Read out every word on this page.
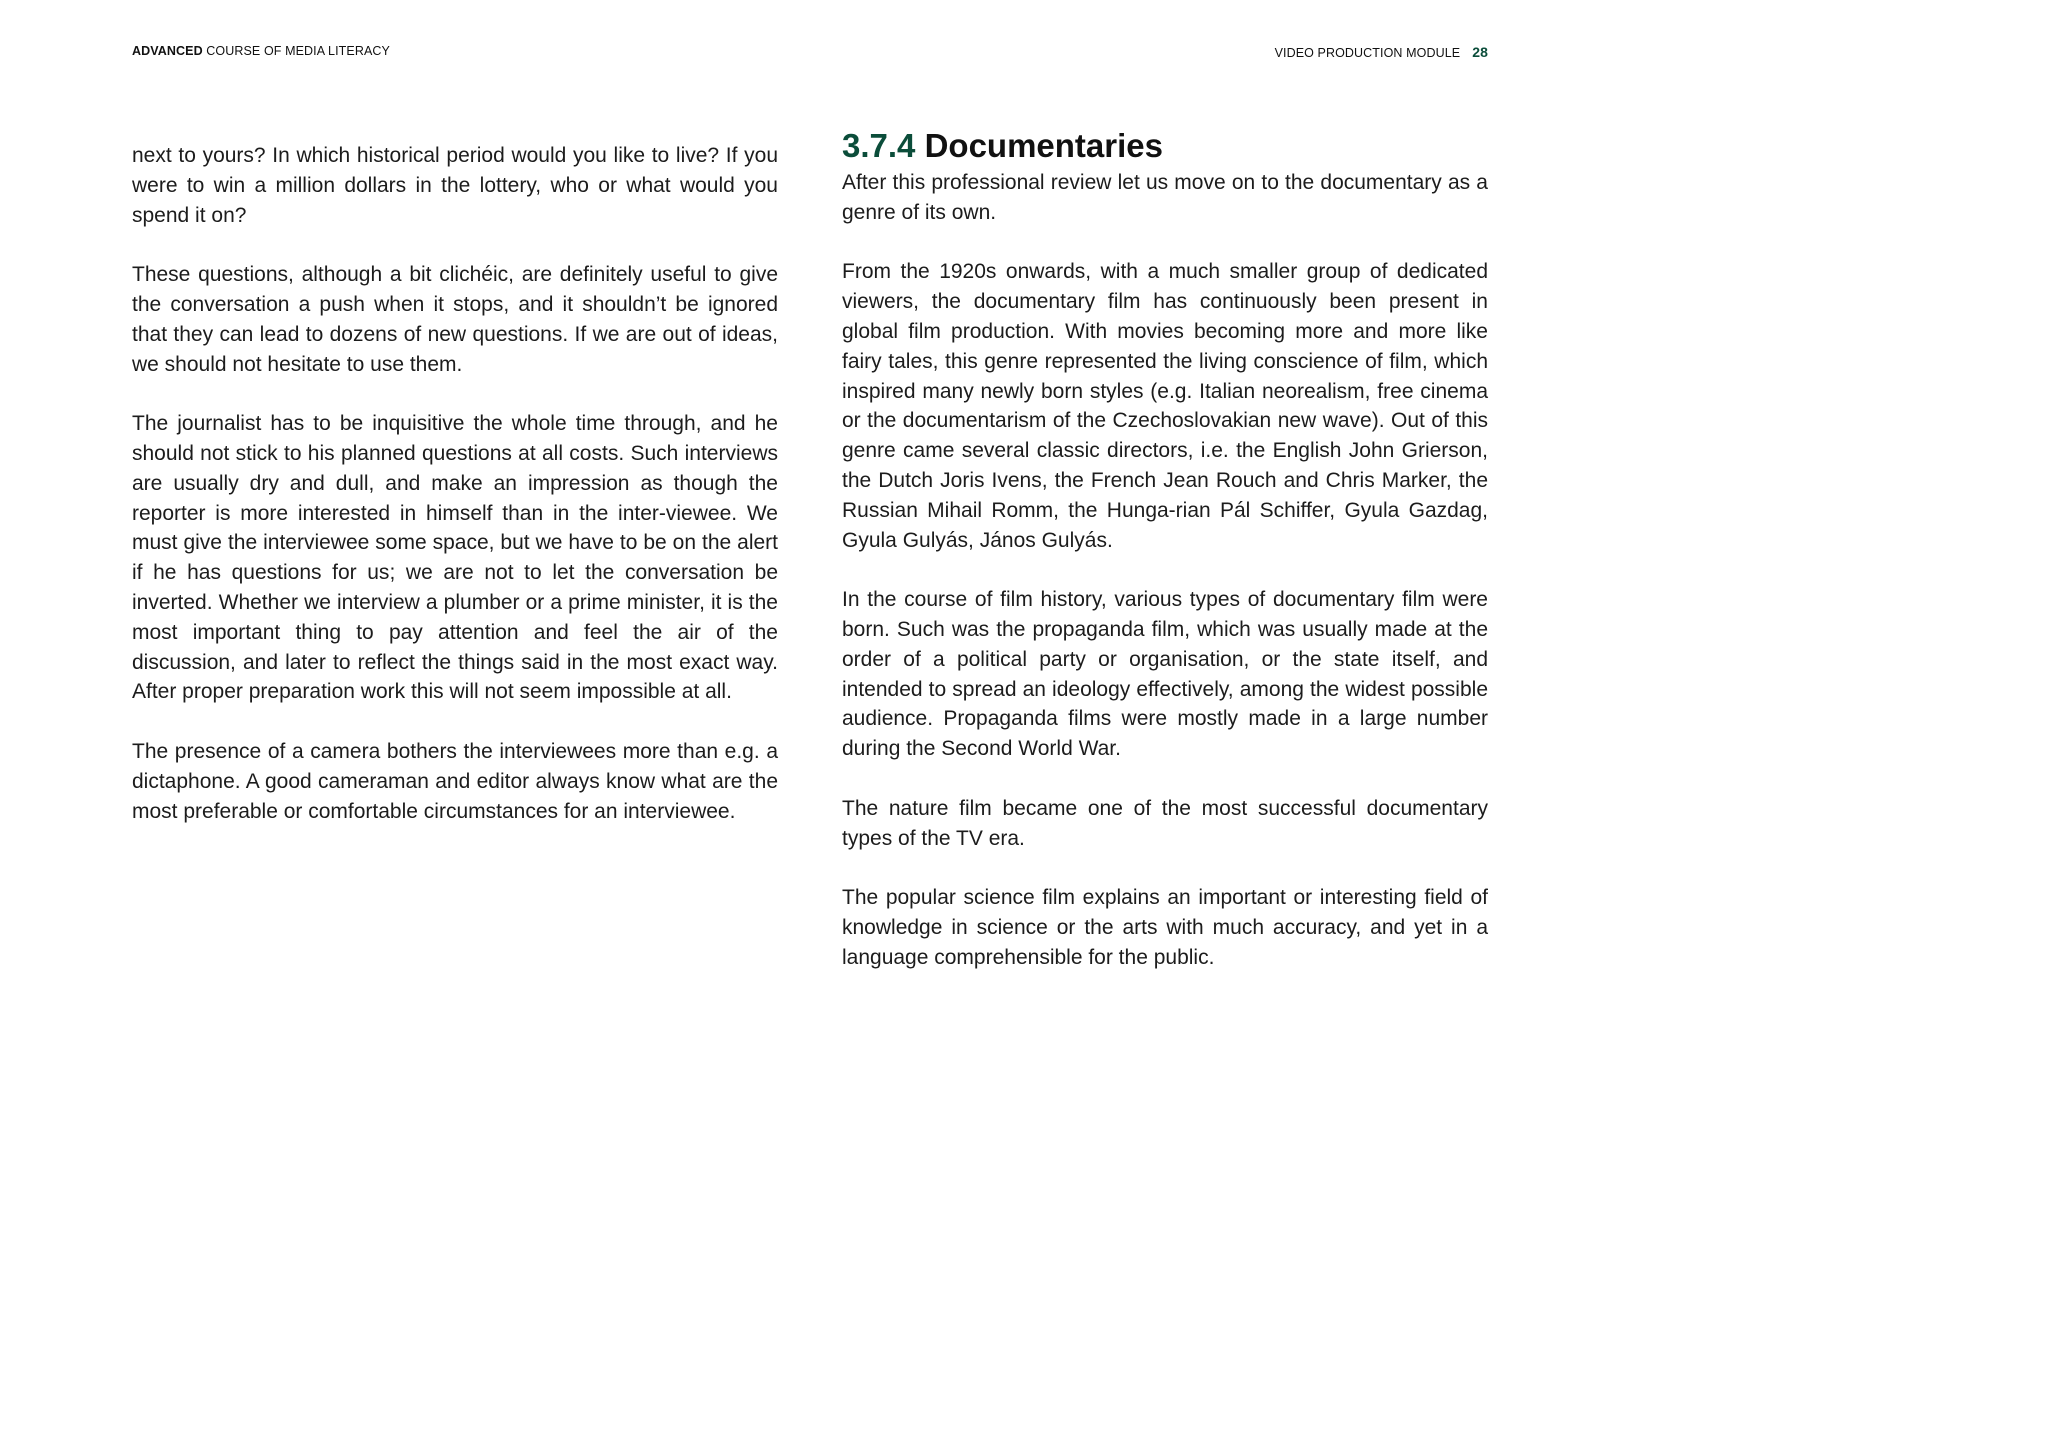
ADVANCED COURSE OF MEDIA LITERACY	VIDEO PRODUCTION MODULE 28

next to yours? In which historical period would you like to live? If you were to win a million dollars in the lottery, who or what would you spend it on?

These questions, although a bit clichéic, are definitely useful to give the conversation a push when it stops, and it shouldn’t be ignored that they can lead to dozens of new questions. If we are out of ideas, we should not hesitate to use them.

The journalist has to be inquisitive the whole time through, and he should not stick to his planned questions at all costs. Such interviews are usually dry and dull, and make an impression as though the reporter is more interested in himself than in the inter-viewee. We must give the interviewee some space, but we have to be on the alert if he has questions for us; we are not to let the conversation be inverted. Whether we interview a plumber or a prime minister, it is the most important thing to pay attention and feel the air of the discussion, and later to reflect the things said in the most exact way. After proper preparation work this will not seem impossible at all.

The presence of a camera bothers the interviewees more than e.g. a dictaphone. A good cameraman and editor always know what are the most preferable or comfortable circumstances for an interviewee.

3.7.4 Documentaries

After this professional review let us move on to the documentary as a genre of its own.

From the 1920s onwards, with a much smaller group of dedicated viewers, the documentary film has continuously been present in global film production. With movies becoming more and more like fairy tales, this genre represented the living conscience of film, which inspired many newly born styles (e.g. Italian neorealism, free cinema or the documentarism of the Czechoslovakian new wave). Out of this genre came several classic directors, i.e. the English John Grierson, the Dutch Joris Ivens, the French Jean Rouch and Chris Marker, the Russian Mihail Romm, the Hunga-rian Pál Schiffer, Gyula Gazdag, Gyula Gulyás, János Gulyás.

In the course of film history, various types of documentary film were born. Such was the propaganda film, which was usually made at the order of a political party or organisation, or the state itself, and intended to spread an ideology effectively, among the widest possible audience. Propaganda films were mostly made in a large number during the Second World War.

The nature film became one of the most successful documentary types of the TV era.

The popular science film explains an important or interesting field of knowledge in science or the arts with much accuracy, and yet in a language comprehensible for the public.
